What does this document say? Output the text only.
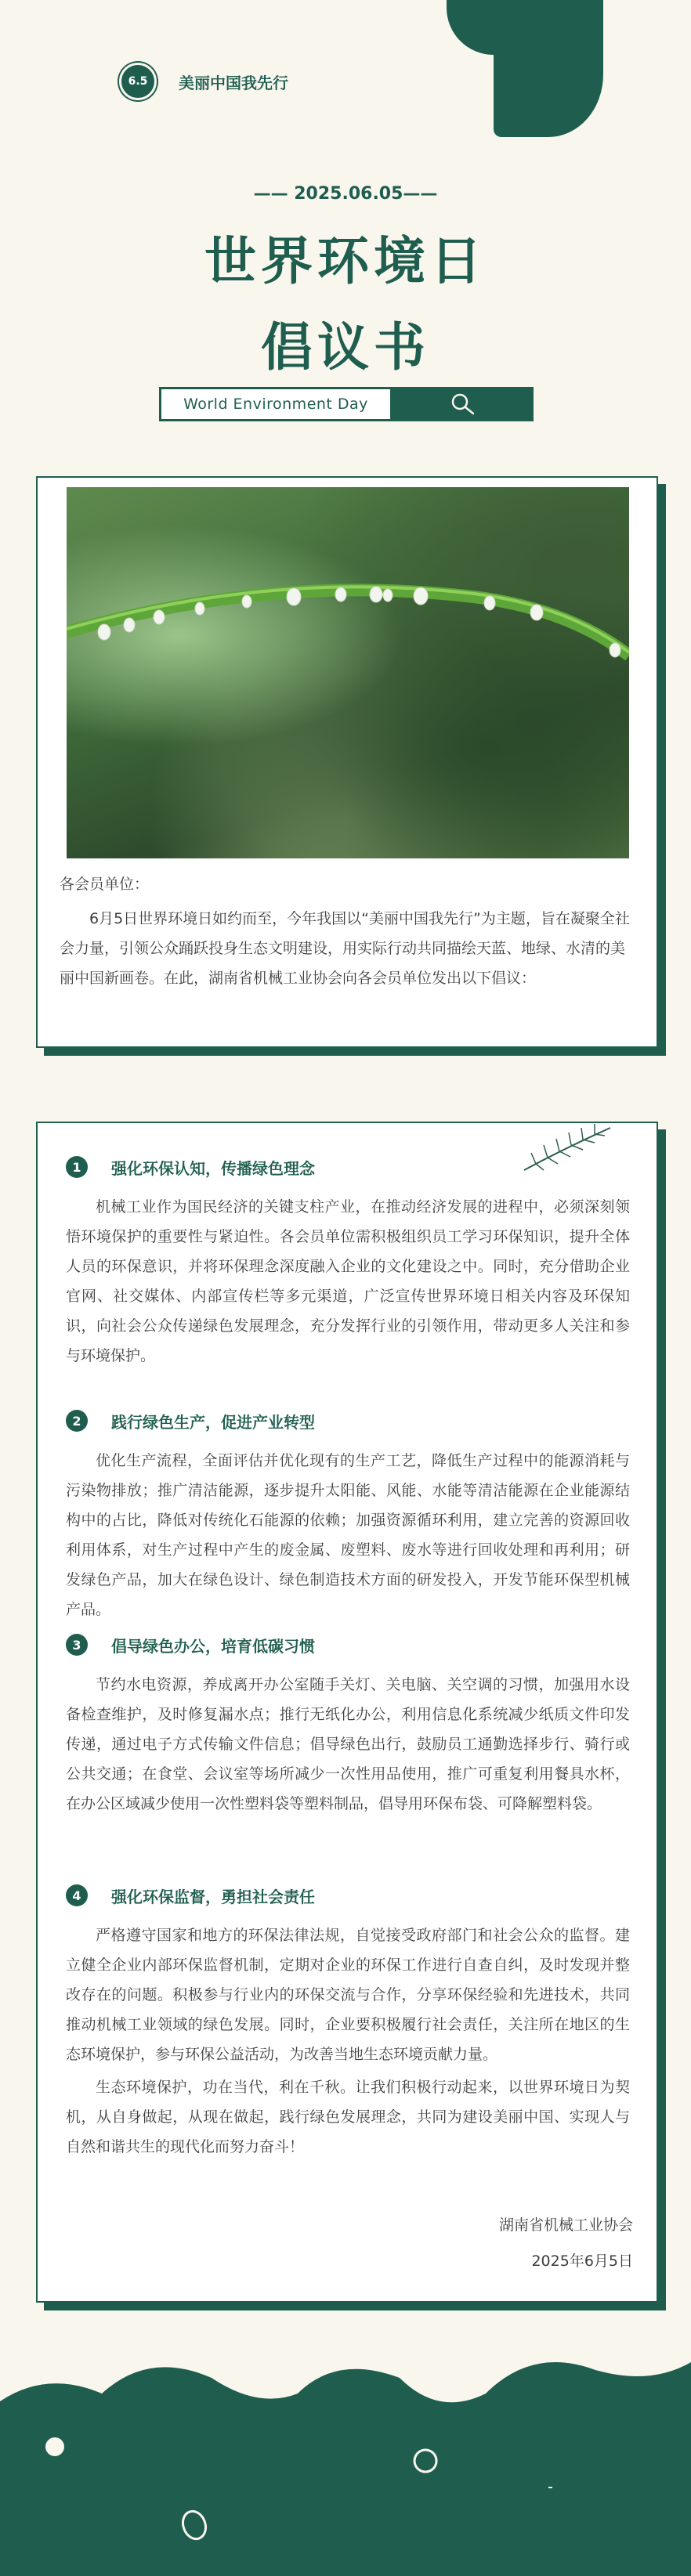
6.5	美丽中国我先行
—— 2025.06.05——
世界环境日
倡议书
World Environment Day

各会员单位：

6月5日世界环境日如约而至，今年我国以“美丽中国我先行”为主题，旨在凝聚全社会力量，引领公众踊跃投身生态文明建设，用实际行动共同描绘天蓝、地绿、水清的美丽中国新画卷。在此，湖南省机械工业协会向各会员单位发出以下倡议：

1	强化环保认知，传播绿色理念
机械工业作为国民经济的关键支柱产业，在推动经济发展的进程中，必须深刻领悟环境保护的重要性与紧迫性。各会员单位需积极组织员工学习环保知识，提升全体人员的环保意识，并将环保理念深度融入企业的文化建设之中。同时，充分借助企业官网、社交媒体、内部宣传栏等多元渠道，广泛宣传世界环境日相关内容及环保知识，向社会公众传递绿色发展理念，充分发挥行业的引领作用，带动更多人关注和参与环境保护。
2	践行绿色生产，促进产业转型
优化生产流程，全面评估并优化现有的生产工艺，降低生产过程中的能源消耗与污染物排放；推广清洁能源，逐步提升太阳能、风能、水能等清洁能源在企业能源结构中的占比，降低对传统化石能源的依赖；加强资源循环利用，建立完善的资源回收利用体系，对生产过程中产生的废金属、废塑料、废水等进行回收处理和再利用；研发绿色产品，加大在绿色设计、绿色制造技术方面的研发投入，开发节能环保型机械产品。
3	倡导绿色办公，培育低碳习惯
节约水电资源，养成离开办公室随手关灯、关电脑、关空调的习惯，加强用水设备检查维护，及时修复漏水点；推行无纸化办公，利用信息化系统减少纸质文件印发传递，通过电子方式传输文件信息；倡导绿色出行，鼓励员工通勤选择步行、骑行或公共交通；在食堂、会议室等场所减少一次性用品使用，推广可重复利用餐具水杯，在办公区域减少使用一次性塑料袋等塑料制品，倡导用环保布袋、可降解塑料袋。
4	强化环保监督，勇担社会责任
严格遵守国家和地方的环保法律法规，自觉接受政府部门和社会公众的监督。建立健全企业内部环保监督机制，定期对企业的环保工作进行自查自纠，及时发现并整改存在的问题。积极参与行业内的环保交流与合作，分享环保经验和先进技术，共同推动机械工业领域的绿色发展。同时，企业要积极履行社会责任，关注所在地区的生态环境保护，参与环保公益活动，为改善当地生态环境贡献力量。
生态环境保护，功在当代，利在千秋。让我们积极行动起来，以世界环境日为契机，从自身做起，从现在做起，践行绿色发展理念，共同为建设美丽中国、实现人与自然和谐共生的现代化而努力奋斗！
湖南省机械工业协会
2025年6月5日
